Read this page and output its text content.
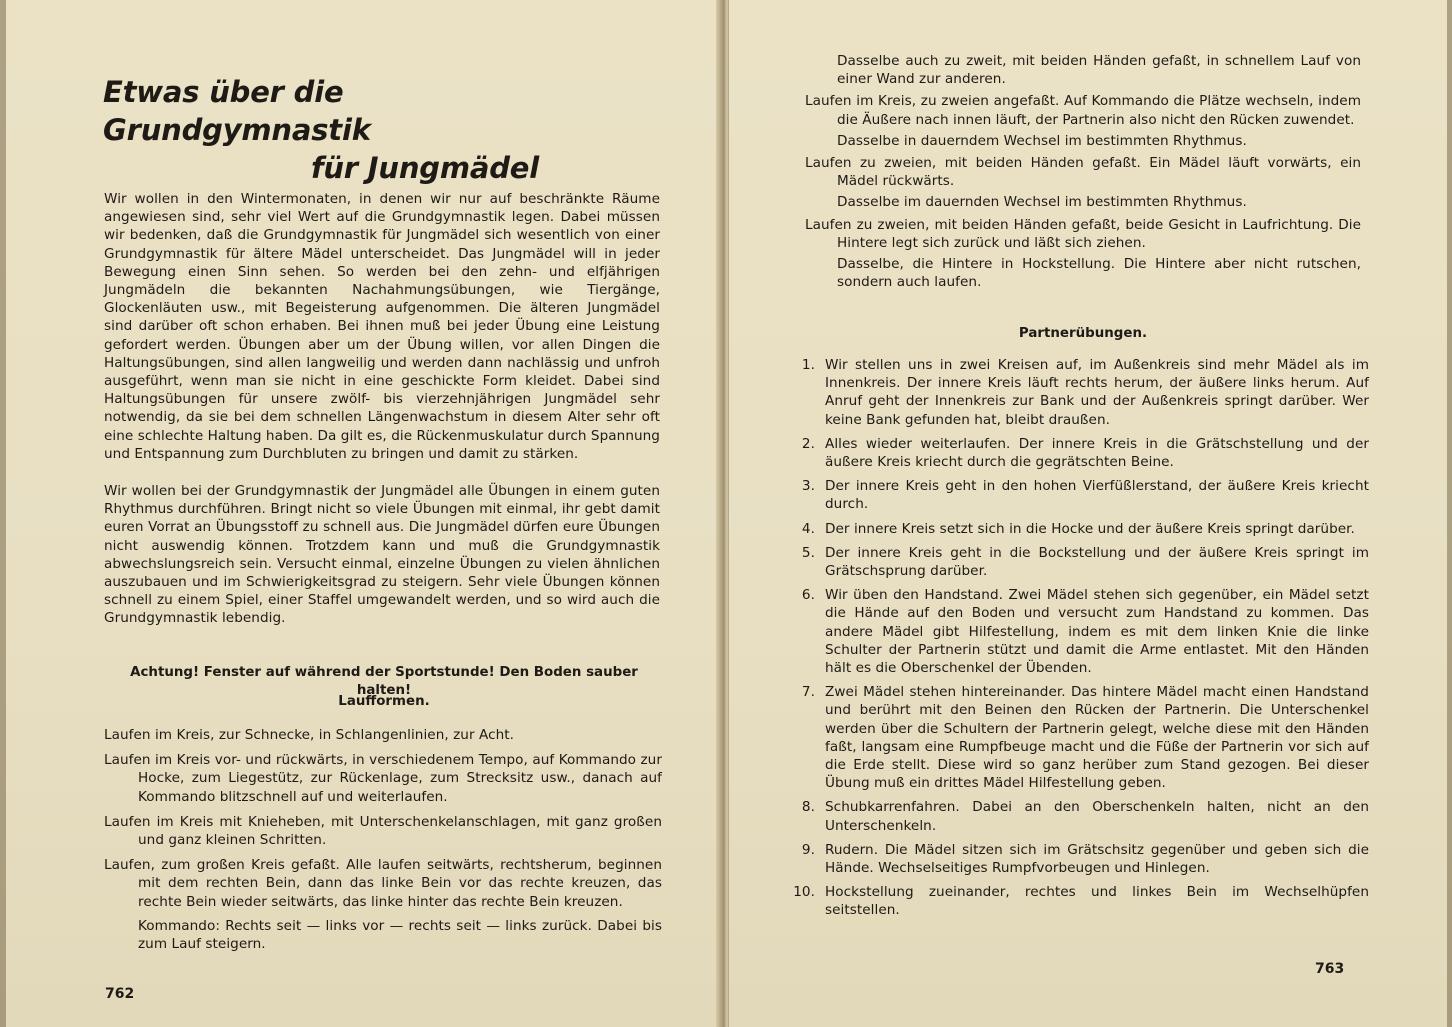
Etwas über die Grundgymnastik
für Jungmädel

Wir wollen in den Wintermonaten, in denen wir nur auf beschränkte Räume angewiesen sind, sehr viel Wert auf die Grundgymnastik legen. Dabei müssen wir bedenken, daß die Grundgymnastik für Jungmädel sich wesentlich von einer Grundgymnastik für ältere Mädel unterscheidet. Das Jungmädel will in jeder Bewegung einen Sinn sehen. So werden bei den zehn- und elfjährigen Jungmädeln die bekannten Nachahmungsübungen, wie Tiergänge, Glockenläuten usw., mit Begeisterung aufgenommen. Die älteren Jungmädel sind darüber oft schon erhaben. Bei ihnen muß bei jeder Übung eine Leistung gefordert werden. Übungen aber um der Übung willen, vor allen Dingen die Haltungsübungen, sind allen langweilig und werden dann nachlässig und unfroh ausgeführt, wenn man sie nicht in eine geschickte Form kleidet. Dabei sind Haltungsübungen für unsere zwölf- bis vierzehnjährigen Jungmädel sehr notwendig, da sie bei dem schnellen Längenwachstum in diesem Alter sehr oft eine schlechte Haltung haben. Da gilt es, die Rückenmuskulatur durch Spannung und Entspannung zum Durchbluten zu bringen und damit zu stärken.

Wir wollen bei der Grundgymnastik der Jungmädel alle Übungen in einem guten Rhythmus durchführen. Bringt nicht so viele Übungen mit einmal, ihr gebt damit euren Vorrat an Übungsstoff zu schnell aus. Die Jungmädel dürfen eure Übungen nicht auswendig können. Trotzdem kann und muß die Grundgymnastik abwechslungsreich sein. Versucht einmal, einzelne Übungen zu vielen ähnlichen auszubauen und im Schwierigkeitsgrad zu steigern. Sehr viele Übungen können schnell zu einem Spiel, einer Staffel umgewandelt werden, und so wird auch die Grundgymnastik lebendig.

Achtung! Fenster auf während der Sportstunde! Den Boden sauber halten!
Laufformen.

Laufen im Kreis, zur Schnecke, in Schlangenlinien, zur Acht.

Laufen im Kreis vor- und rückwärts, in verschiedenem Tempo, auf Kommando zur Hocke, zum Liegestütz, zur Rückenlage, zum Strecksitz usw., danach auf Kommando blitzschnell auf und weiterlaufen.

Laufen im Kreis mit Knieheben, mit Unterschenkelanschlagen, mit ganz großen und ganz kleinen Schritten.

Laufen, zum großen Kreis gefaßt. Alle laufen seitwärts, rechtsherum, beginnen mit dem rechten Bein, dann das linke Bein vor das rechte kreuzen, das rechte Bein wieder seitwärts, das linke hinter das rechte Bein kreuzen.
Kommando: Rechts seit — links vor — rechts seit — links zurück. Dabei bis zum Lauf steigern.

762

Dasselbe auch zu zweit, mit beiden Händen gefaßt, in schnellem Lauf von einer Wand zur anderen.

Laufen im Kreis, zu zweien angefaßt. Auf Kommando die Plätze wechseln, indem die Äußere nach innen läuft, der Partnerin also nicht den Rücken zuwendet.
Dasselbe in dauerndem Wechsel im bestimmten Rhythmus.

Laufen zu zweien, mit beiden Händen gefaßt. Ein Mädel läuft vorwärts, ein Mädel rückwärts.
Dasselbe im dauernden Wechsel im bestimmten Rhythmus.

Laufen zu zweien, mit beiden Händen gefaßt, beide Gesicht in Laufrichtung. Die Hintere legt sich zurück und läßt sich ziehen.
Dasselbe, die Hintere in Hockstellung. Die Hintere aber nicht rutschen, sondern auch laufen.

Partnerübungen.
1. Wir stellen uns in zwei Kreisen auf, im Außenkreis sind mehr Mädel als im Innenkreis. Der innere Kreis läuft rechts herum, der äußere links herum. Auf Anruf geht der Innenkreis zur Bank und der Außenkreis springt darüber. Wer keine Bank gefunden hat, bleibt draußen.
2. Alles wieder weiterlaufen. Der innere Kreis in die Grätschstellung und der äußere Kreis kriecht durch die gegrätschten Beine.
3. Der innere Kreis geht in den hohen Vierfüßlerstand, der äußere Kreis kriecht durch.
4. Der innere Kreis setzt sich in die Hocke und der äußere Kreis springt darüber.
5. Der innere Kreis geht in die Bockstellung und der äußere Kreis springt im Grätschsprung darüber.
6. Wir üben den Handstand. Zwei Mädel stehen sich gegenüber, ein Mädel setzt die Hände auf den Boden und versucht zum Handstand zu kommen. Das andere Mädel gibt Hilfestellung, indem es mit dem linken Knie die linke Schulter der Partnerin stützt und damit die Arme entlastet. Mit den Händen hält es die Oberschenkel der Übenden.
7. Zwei Mädel stehen hintereinander. Das hintere Mädel macht einen Handstand und berührt mit den Beinen den Rücken der Partnerin. Die Unterschenkel werden über die Schultern der Partnerin gelegt, welche diese mit den Händen faßt, langsam eine Rumpfbeuge macht und die Füße der Partnerin vor sich auf die Erde stellt. Diese wird so ganz herüber zum Stand gezogen. Bei dieser Übung muß ein drittes Mädel Hilfestellung geben.
8. Schubkarrenfahren. Dabei an den Oberschenkeln halten, nicht an den Unterschenkeln.
9. Rudern. Die Mädel sitzen sich im Grätschsitz gegenüber und geben sich die Hände. Wechselseitiges Rumpfvorbeugen und Hinlegen.
10. Hockstellung zueinander, rechtes und linkes Bein im Wechselhüpfen seitstellen.
763
